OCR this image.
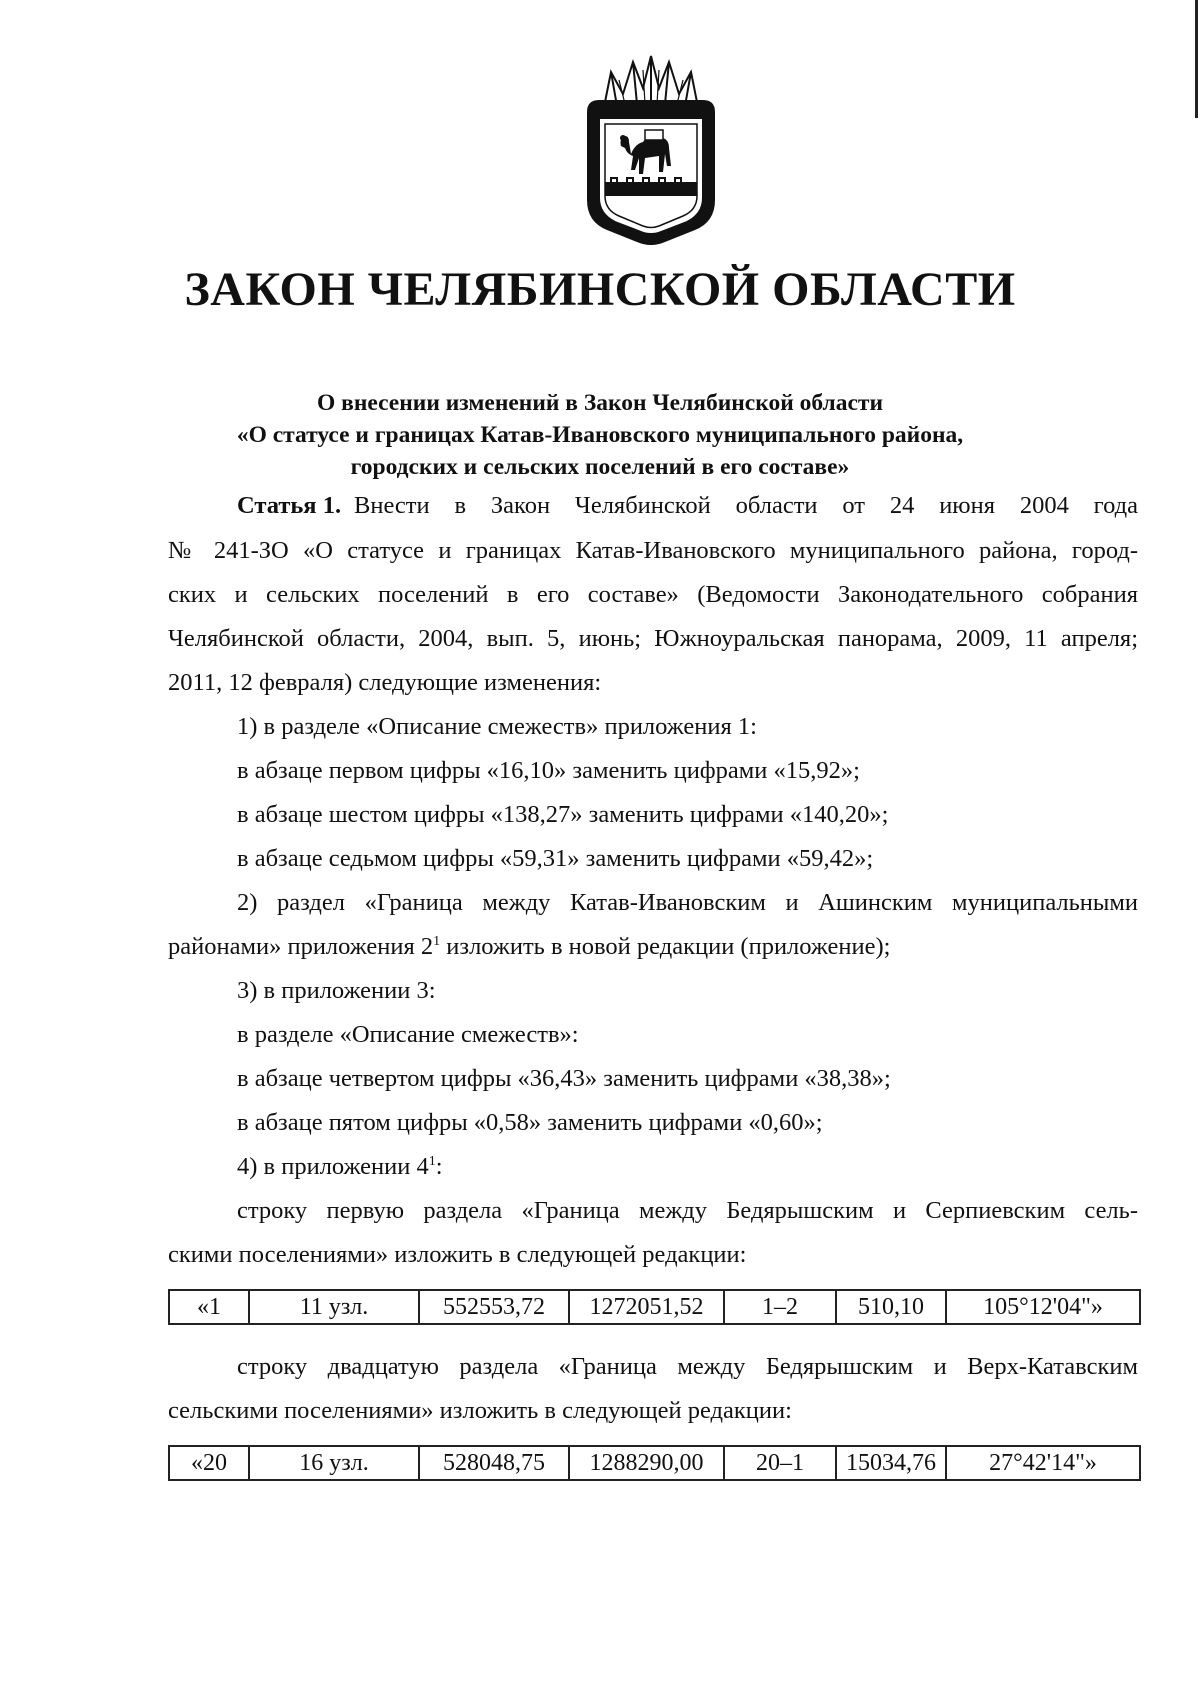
ЗАКОН ЧЕЛЯБИНСКОЙ ОБЛАСТИ
О внесении изменений в Закон Челябинской области
«О статусе и границах Катав-Ивановского муниципального района,
городских и сельских поселений в его составе»
Статья 1. Внести в Закон Челябинской области от 24 июня 2004 года
№ 241-ЗО «О статусе и границах Катав-Ивановского муниципального района, город-
ских и сельских поселений в его составе» (Ведомости Законодательного собрания
Челябинской области, 2004, вып. 5, июнь; Южноуральская панорама, 2009, 11 апреля;
2011, 12 февраля) следующие изменения:
1) в разделе «Описание смежеств» приложения 1:
в абзаце первом цифры «16,10» заменить цифрами «15,92»;
в абзаце шестом цифры «138,27» заменить цифрами «140,20»;
в абзаце седьмом цифры «59,31» заменить цифрами «59,42»;
2) раздел «Граница между Катав-Ивановским и Ашинским муниципальными
районами» приложения $2^1$ изложить в новой редакции (приложение);
3) в приложении 3:
в разделе «Описание смежеств»:
в абзаце четвертом цифры «36,43» заменить цифрами «38,38»;
в абзаце пятом цифры «0,58» заменить цифрами «0,60»;
4) в приложении $4^1$:
строку первую раздела «Граница между Бедярышским и Серпиевским сель-
скими поселениями» изложить в следующей редакции:
строку двадцатую раздела «Граница между Бедярышским и Верх-Катавским
сельскими поселениями» изложить в следующей редакции:
«1	11 узл.	552553,72	1272051,52	1–2	510,10	105°12'04"»
«20	16 узл.	528048,75	1288290,00	20–1	15034,76	27°42'14"»
